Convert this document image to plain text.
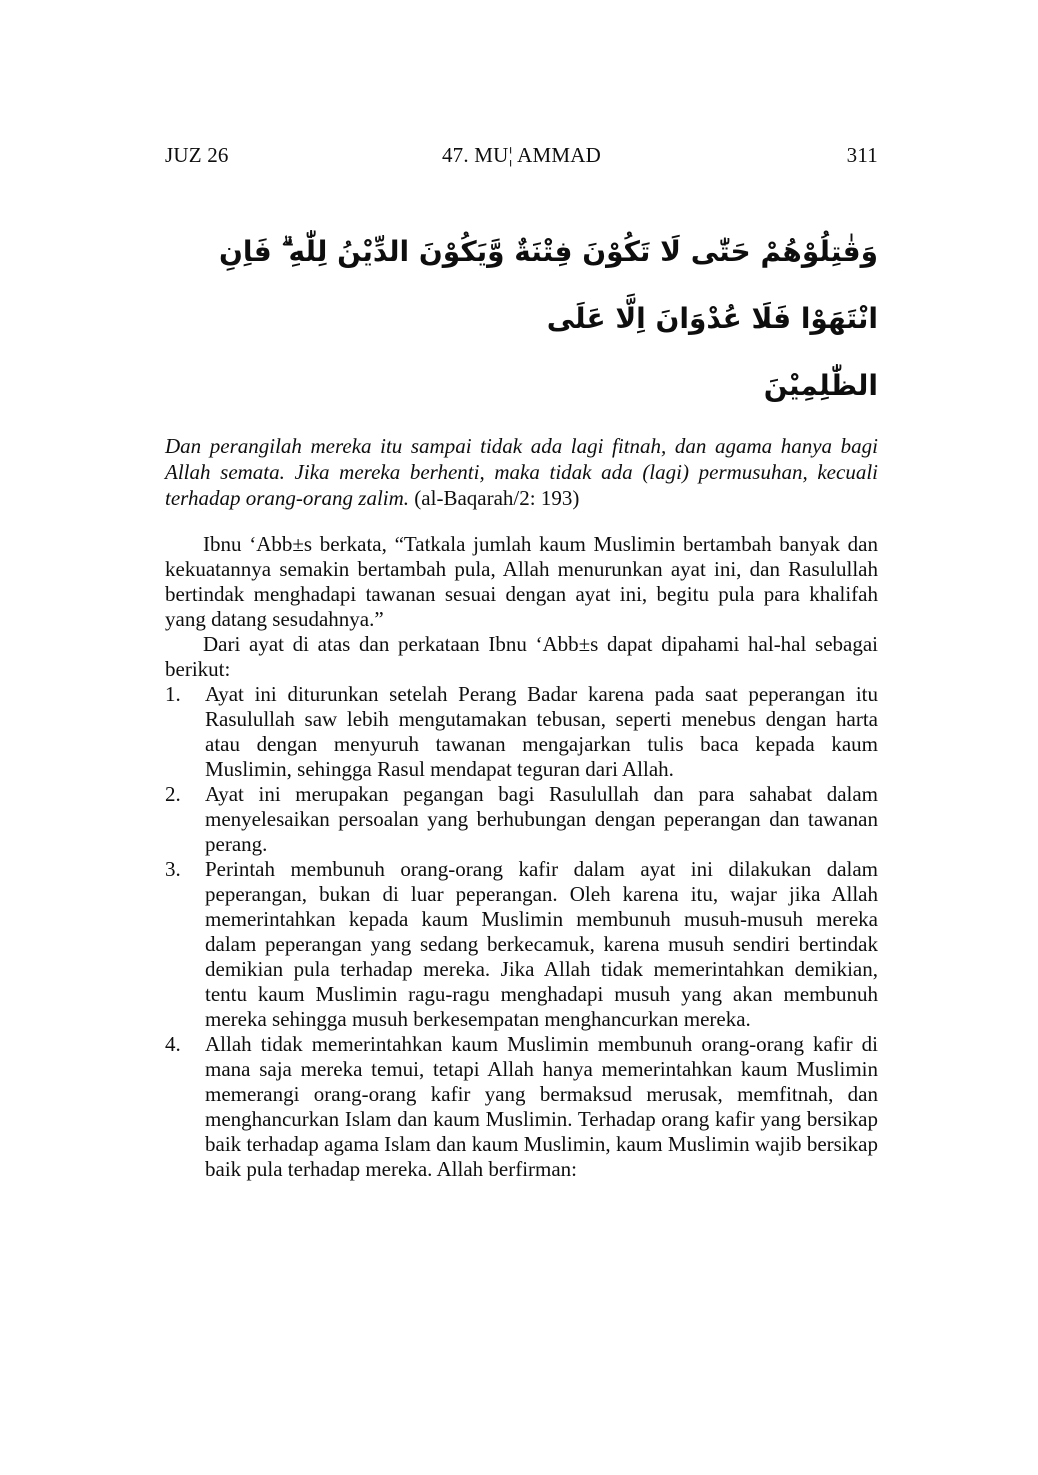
JUZ 26	47. MU¦ AMMAD	311
وَقٰتِلُوْهُمْ حَتّٰى لَا تَكُوْنَ فِتْنَةٌ وَّيَكُوْنَ الدِّيْنُ لِلّٰهِ ۗ فَاِنِ انْتَهَوْا فَلَا عُدْوَانَ اِلَّا عَلَى
الظّٰلِمِيْنَ

Dan perangilah mereka itu sampai tidak ada lagi fitnah, dan agama hanya bagi Allah semata. Jika mereka berhenti, maka tidak ada (lagi) permusuhan, kecuali terhadap orang-orang zalim. (al-Baqarah/2: 193)

Ibnu ‘Abb±s berkata, “Tatkala jumlah kaum Muslimin bertambah banyak dan kekuatannya semakin bertambah pula, Allah menurunkan ayat ini, dan Rasulullah bertindak menghadapi tawanan sesuai dengan ayat ini, begitu pula para khalifah yang datang sesudahnya.”

Dari ayat di atas dan perkataan Ibnu ‘Abb±s dapat dipahami hal-hal sebagai berikut:

1.	Ayat ini diturunkan setelah Perang Badar karena pada saat peperangan itu Rasulullah saw lebih mengutamakan tebusan, seperti menebus dengan harta atau dengan menyuruh tawanan mengajarkan tulis baca kepada kaum Muslimin, sehingga Rasul mendapat teguran dari Allah.
2.	Ayat ini merupakan pegangan bagi Rasulullah dan para sahabat dalam menyelesaikan persoalan yang berhubungan dengan peperangan dan tawanan perang.
3.	Perintah membunuh orang-orang kafir dalam ayat ini dilakukan dalam peperangan, bukan di luar peperangan. Oleh karena itu, wajar jika Allah memerintahkan kepada kaum Muslimin membunuh musuh-musuh mereka dalam peperangan yang sedang berkecamuk, karena musuh sendiri bertindak demikian pula terhadap mereka. Jika Allah tidak memerintahkan demikian, tentu kaum Muslimin ragu-ragu menghadapi musuh yang akan membunuh mereka sehingga musuh berkesempatan menghancurkan mereka.
4.	Allah tidak memerintahkan kaum Muslimin membunuh orang-orang kafir di mana saja mereka temui, tetapi Allah hanya memerintahkan kaum Muslimin memerangi orang-orang kafir yang bermaksud merusak, memfitnah, dan menghancurkan Islam dan kaum Muslimin. Terhadap orang kafir yang bersikap baik terhadap agama Islam dan kaum Muslimin, kaum Muslimin wajib bersikap baik pula terhadap mereka. Allah berfirman:
